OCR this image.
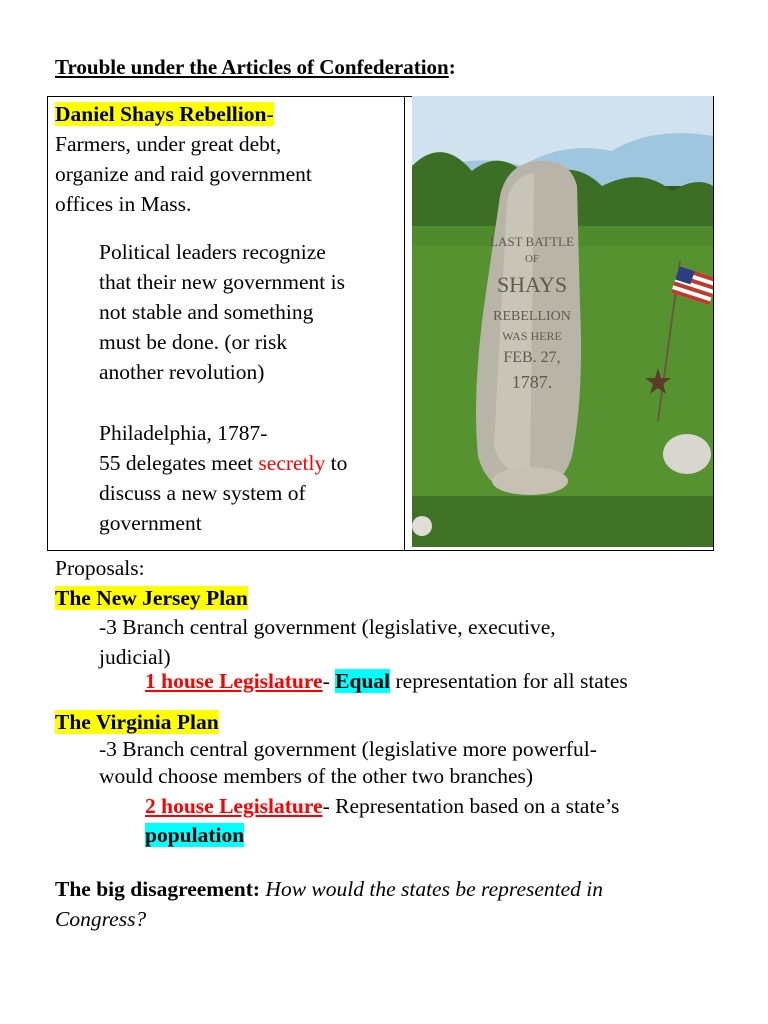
Trouble under the Articles of Confederation:
Daniel Shays Rebellion-
Farmers, under great debt,
organize and raid government
offices in Mass.
Political leaders recognize
that their new government is
not stable and something
must be done. (or risk
another revolution)
Philadelphia, 1787-
55 delegates meet secretly to
discuss a new system of
government
LAST BATTLE
OF
SHAYS
REBELLION
WAS HERE
FEB. 27,
1787.
Proposals:
The New Jersey Plan
-3 Branch central government (legislative, executive,
judicial)
1 house Legislature- Equal representation for all states
The Virginia Plan
-3 Branch central government (legislative more powerful-
would choose members of the other two branches)
2 house Legislature- Representation based on a state’s
population
The big disagreement: How would the states be represented in
Congress?
